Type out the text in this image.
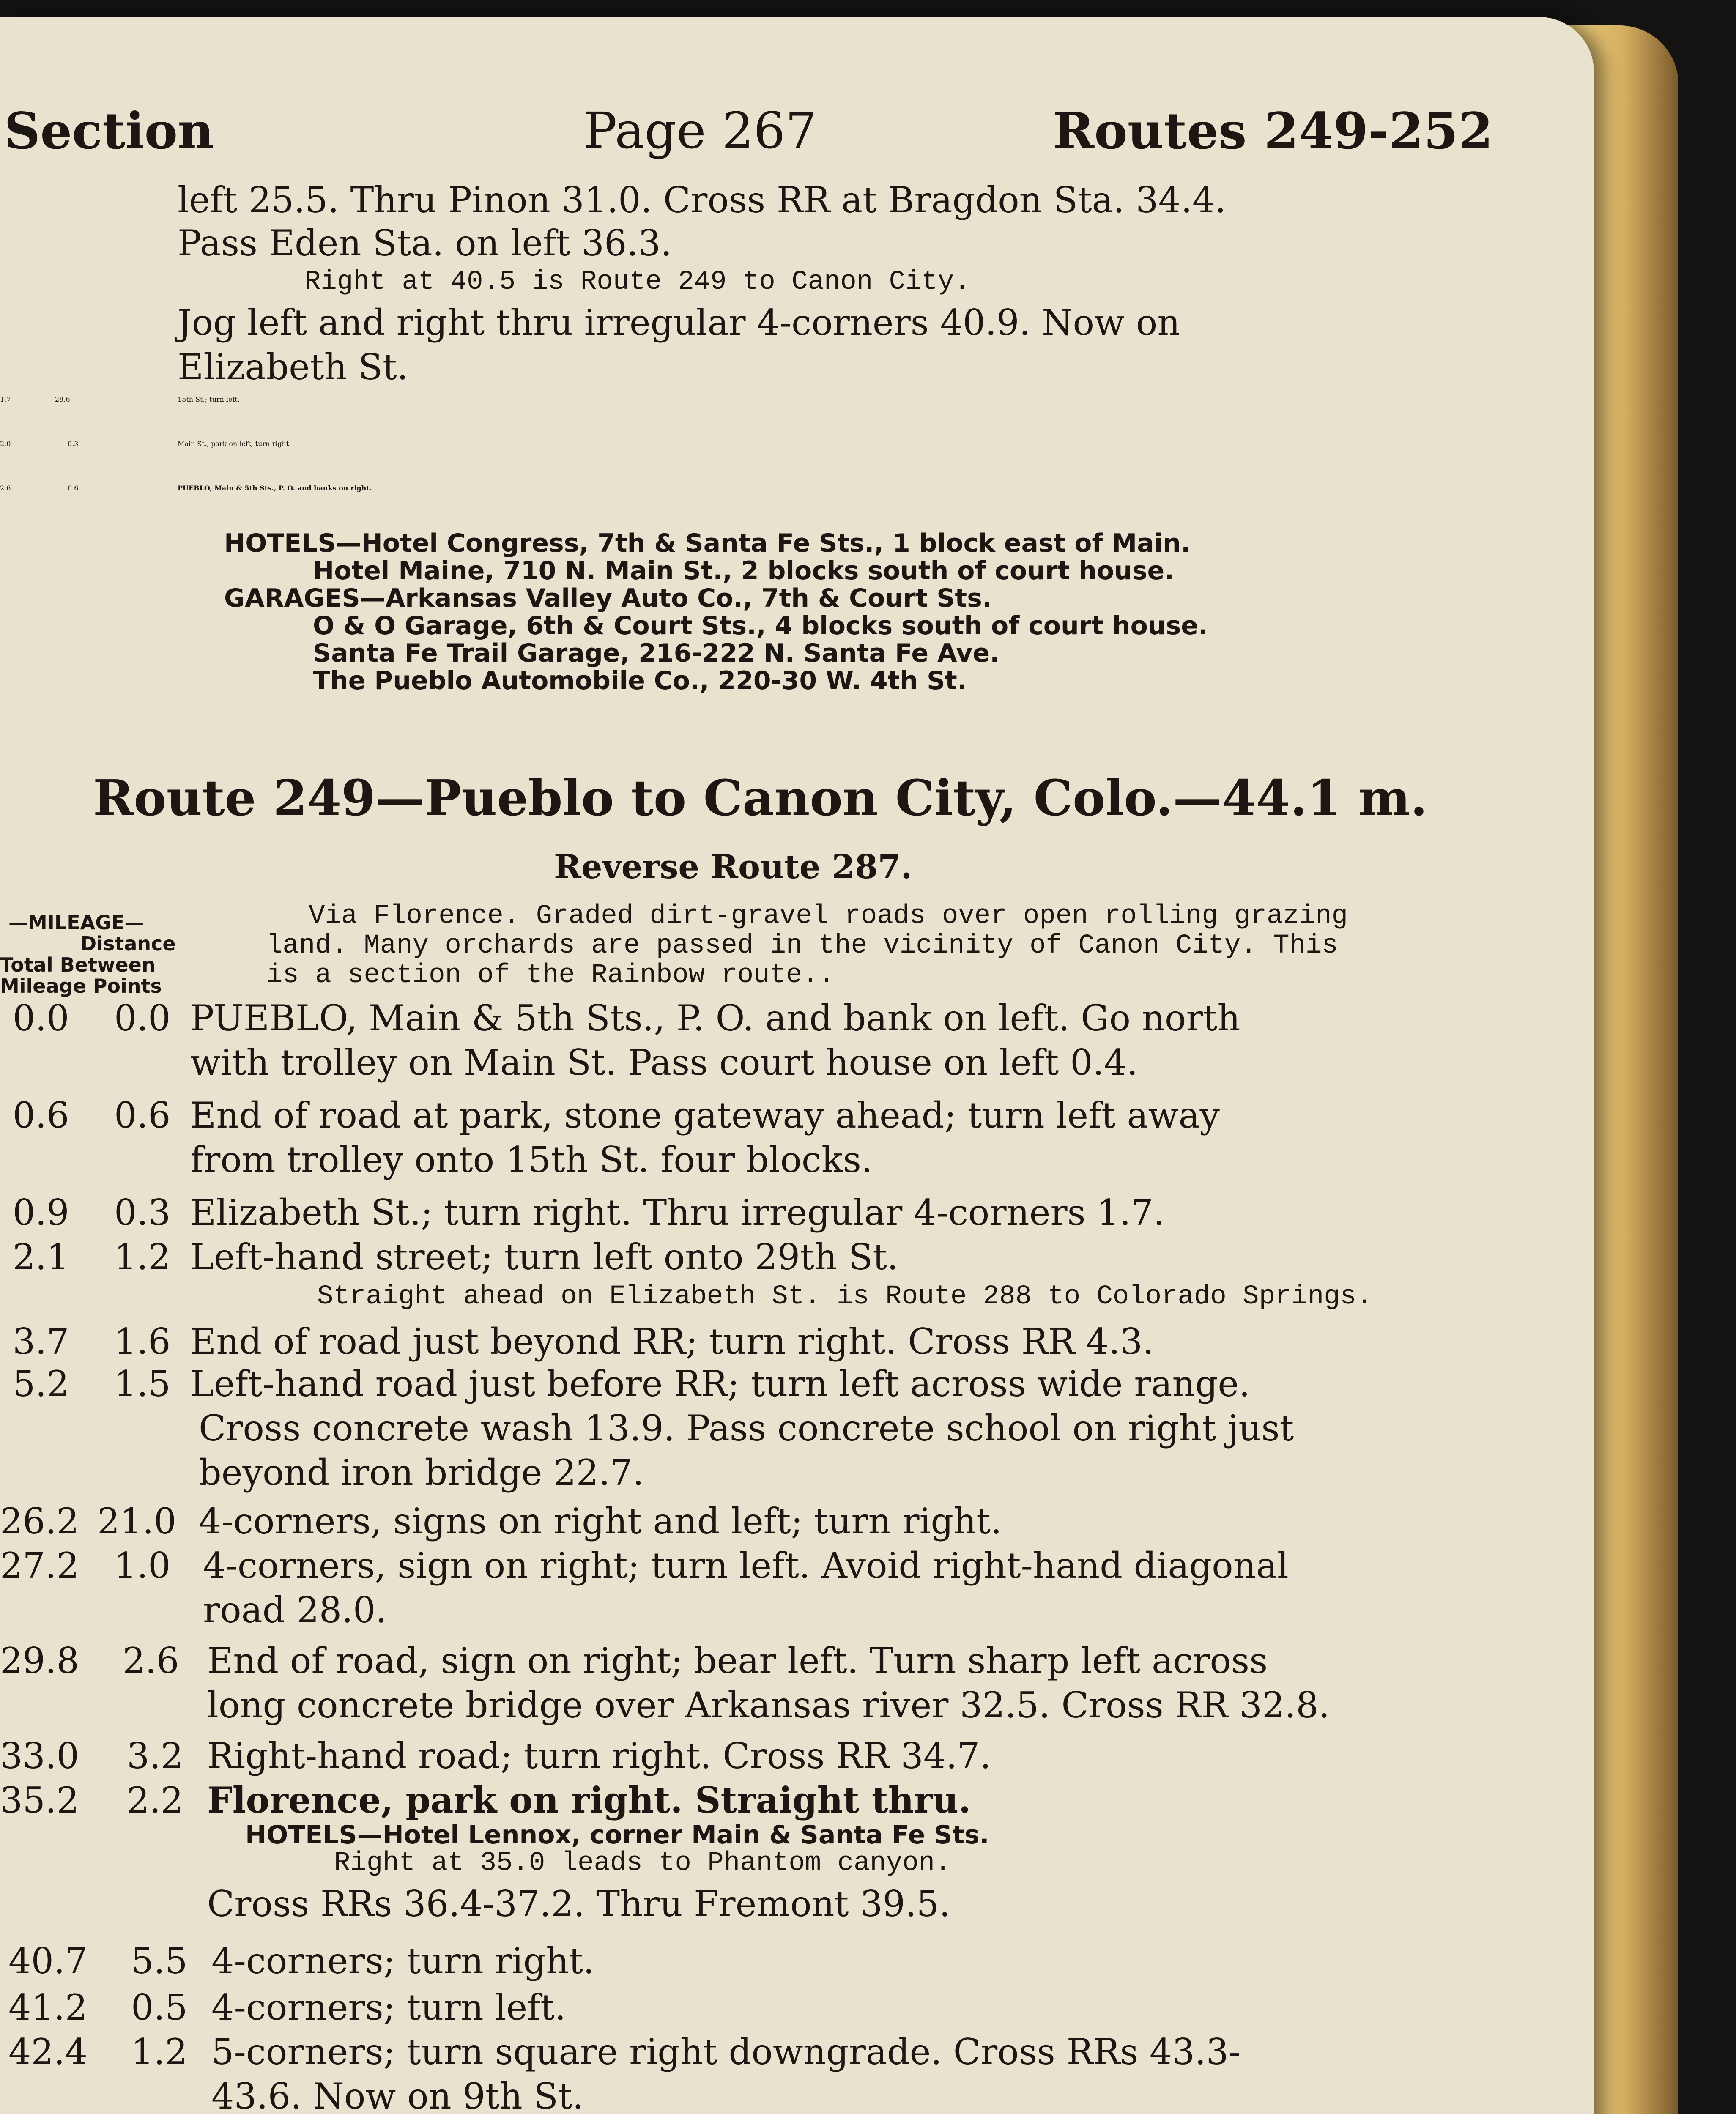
Section	Page 267	Routes 249-252
left 25.5. Thru Pinon 31.0. Cross RR at Bragdon Sta. 34.4.
Pass Eden Sta. on left 36.3.
Right at 40.5 is Route 249 to Canon City.
Jog left and right thru irregular 4-corners 40.9. Now on
Elizabeth St.
1.7	28.6	15th St.; turn left.
2.0	0.3	Main St., park on left; turn right.
2.6	0.6	PUEBLO, Main & 5th Sts., P. O. and banks on right.
HOTELS—Hotel Congress, 7th & Santa Fe Sts., 1 block east of Main.
Hotel Maine, 710 N. Main St., 2 blocks south of court house.
GARAGES—Arkansas Valley Auto Co., 7th & Court Sts.
O & O Garage, 6th & Court Sts., 4 blocks south of court house.
Santa Fe Trail Garage, 216-222 N. Santa Fe Ave.
The Pueblo Automobile Co., 220-30 W. 4th St.
Route 249—Pueblo to Canon City, Colo.—44.1 m.
Reverse Route 287.
—MILEAGE—
Distance
Total Between
Mileage Points
Via Florence. Graded dirt-gravel roads over open rolling grazing
land. Many orchards are passed in the vicinity of Canon City. This
is a section of the Rainbow route..
0.0 0.0 PUEBLO, Main & 5th Sts., P. O. and bank on left. Go north
with trolley on Main St. Pass court house on left 0.4.
0.6 0.6 End of road at park, stone gateway ahead; turn left away
from trolley onto 15th St. four blocks.
0.9 0.3 Elizabeth St.; turn right. Thru irregular 4-corners 1.7.
2.1 1.2 Left-hand street; turn left onto 29th St.
Straight ahead on Elizabeth St. is Route 288 to Colorado Springs.
3.7 1.6 End of road just beyond RR; turn right. Cross RR 4.3.
5.2 1.5 Left-hand road just before RR; turn left across wide range.
Cross concrete wash 13.9. Pass concrete school on right just
beyond iron bridge 22.7.
26.2 21.0 4-corners, signs on right and left; turn right.
27.2 1.0 4-corners, sign on right; turn left. Avoid right-hand diagonal
road 28.0.
29.8 2.6 End of road, sign on right; bear left. Turn sharp left across
long concrete bridge over Arkansas river 32.5. Cross RR 32.8.
33.0 3.2 Right-hand road; turn right. Cross RR 34.7.
35.2 2.2 Florence, park on right. Straight thru.
HOTELS—Hotel Lennox, corner Main & Santa Fe Sts.
Right at 35.0 leads to Phantom canyon.
Cross RRs 36.4-37.2. Thru Fremont 39.5.
40.7 5.5 4-corners; turn right.
41.2 0.5 4-corners; turn left.
42.4 1.2 5-corners; turn square right downgrade. Cross RRs 43.3-
43.6. Now on 9th St.
